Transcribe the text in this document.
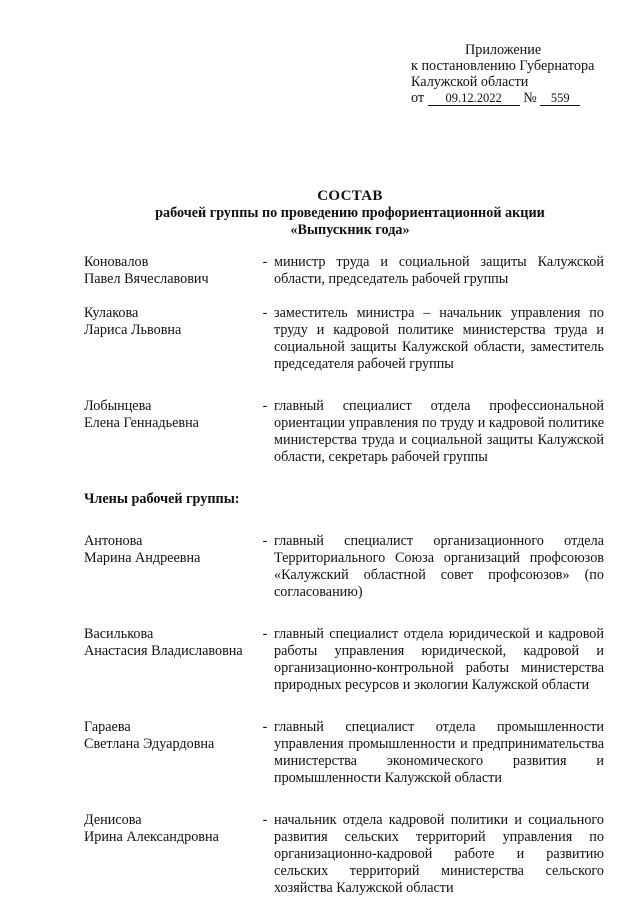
Приложение
к постановлению Губернатора
Калужской области
от 09.12.2022 № 559
СОСТАВ
рабочей группы по проведению профориентационной акции
«Выпускник года»
Коновалов
Павел Вячеславович
- министр труда и социальной защиты Калужской области, председатель рабочей группы
Кулакова
Лариса Львовна
- заместитель министра – начальник управления по труду и кадровой политике министерства труда и социальной защиты Калужской области, заместитель председателя рабочей группы
Лобынцева
Елена Геннадьевна
- главный специалист отдела профессиональной ориентации управления по труду и кадровой политике министерства труда и социальной защиты Калужской области, секретарь рабочей группы
Члены рабочей группы:
Антонова
Марина Андреевна
- главный специалист организационного отдела Территориального Союза организаций профсоюзов «Калужский областной совет профсоюзов» (по согласованию)
Василькова
Анастасия Владиславовна
- главный специалист отдела юридической и кадровой работы управления юридической, кадровой и организационно-контрольной работы министерства природных ресурсов и экологии Калужской области
Гараева
Светлана Эдуардовна
- главный специалист отдела промышленности управления промышленности и предпринимательства министерства экономического развития и промышленности Калужской области
Денисова
Ирина Александровна
- начальник отдела кадровой политики и социального развития сельских территорий управления по организационно-кадровой работе и развитию сельских территорий министерства сельского хозяйства Калужской области
